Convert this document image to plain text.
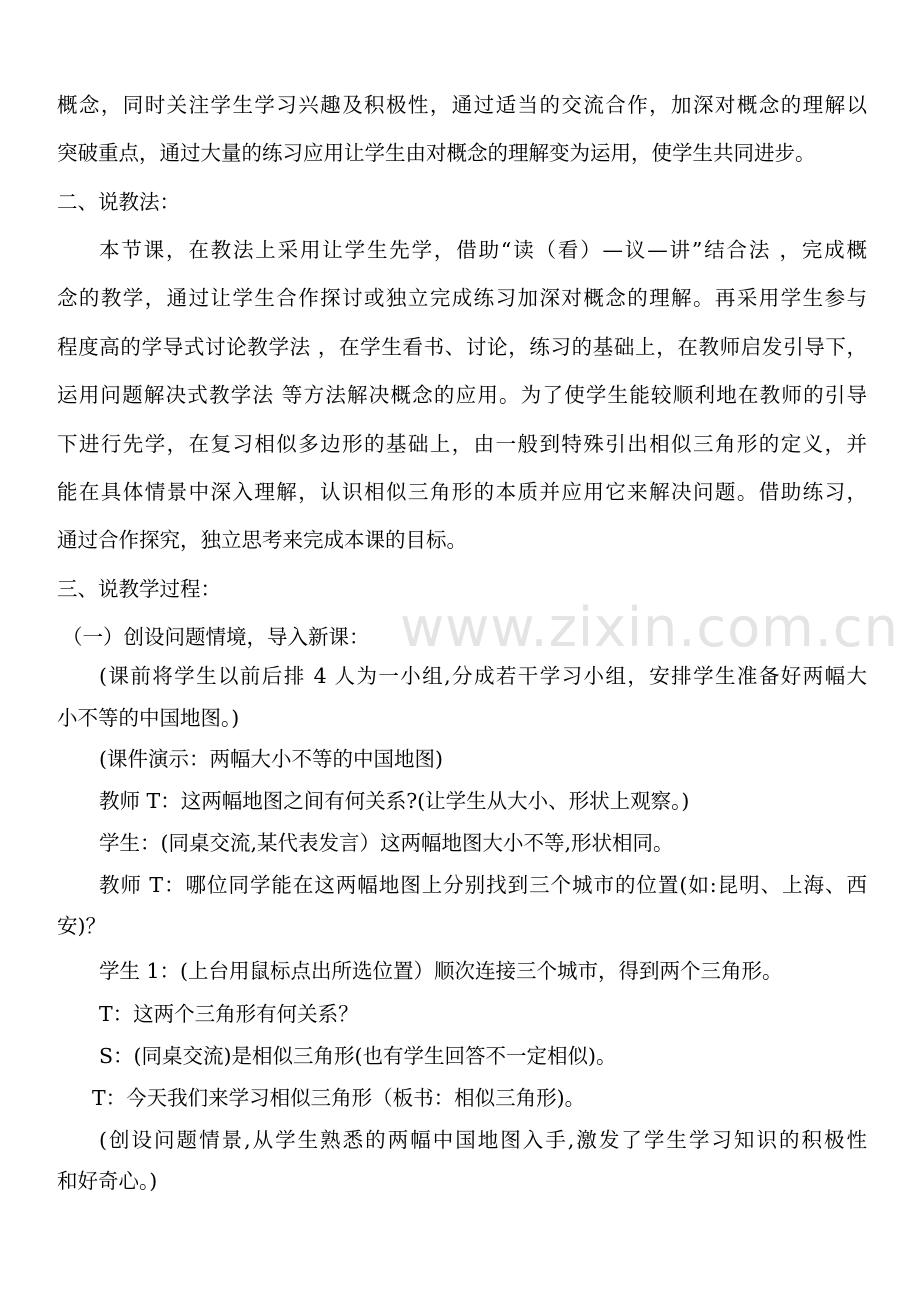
www.zixin.com.cn
概念，同时关注学生学习兴趣及积极性，通过适当的交流合作，加深对概念的理解以
突破重点，通过大量的练习应用让学生由对概念的理解变为运用，使学生共同进步。
二、说教法：
本节课，在教法上采用让学生先学，借助“读（看）—议—讲”结合法 ，完成概
念的教学，通过让学生合作探讨或独立完成练习加深对概念的理解。再采用学生参与
程度高的学导式讨论教学法 ，在学生看书、讨论，练习的基础上，在教师启发引导下，
运用问题解决式教学法 等方法解决概念的应用。为了使学生能较顺利地在教师的引导
下进行先学，在复习相似多边形的基础上，由一般到特殊引出相似三角形的定义，并
能在具体情景中深入理解，认识相似三角形的本质并应用它来解决问题。借助练习，
通过合作探究，独立思考来完成本课的目标。
三、说教学过程：
（一）创设问题情境，导入新课：
(课前将学生以前后排 4 人为一小组,分成若干学习小组，安排学生准备好两幅大
小不等的中国地图。)
(课件演示：两幅大小不等的中国地图)
教师 T：这两幅地图之间有何关系?(让学生从大小、形状上观察。)
学生：(同桌交流,某代表发言）这两幅地图大小不等,形状相同。
教师 T：哪位同学能在这两幅地图上分别找到三个城市的位置(如:昆明、上海、西
安)？
学生 1：(上台用鼠标点出所选位置）顺次连接三个城市，得到两个三角形。
T：这两个三角形有何关系？
S：(同桌交流)是相似三角形(也有学生回答不一定相似)。
T：今天我们来学习相似三角形（板书：相似三角形)。
(创设问题情景,从学生熟悉的两幅中国地图入手,激发了学生学习知识的积极性
和好奇心。)
